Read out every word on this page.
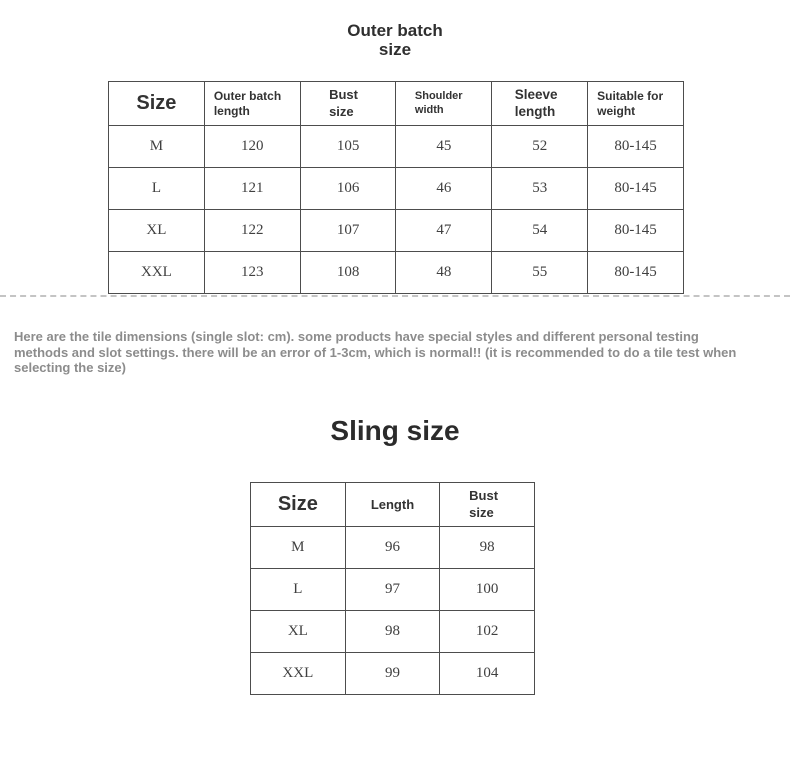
Outer batch size
Size	Outer batch length	Bust size	Shoulder width	Sleeve length	Suitable for weight
M	120	105	45	52	80-145
L	121	106	46	53	80-145
XL	122	107	47	54	80-145
XXL	123	108	48	55	80-145

Here are the tile dimensions (single slot: cm). some products have special styles and different personal testing methods and slot settings. there will be an error of 1-3cm, which is normal!! (it is recommended to do a tile test when selecting the size)

Sling size
Size	Length	Bust size
M	96	98
L	97	100
XL	98	102
XXL	99	104
